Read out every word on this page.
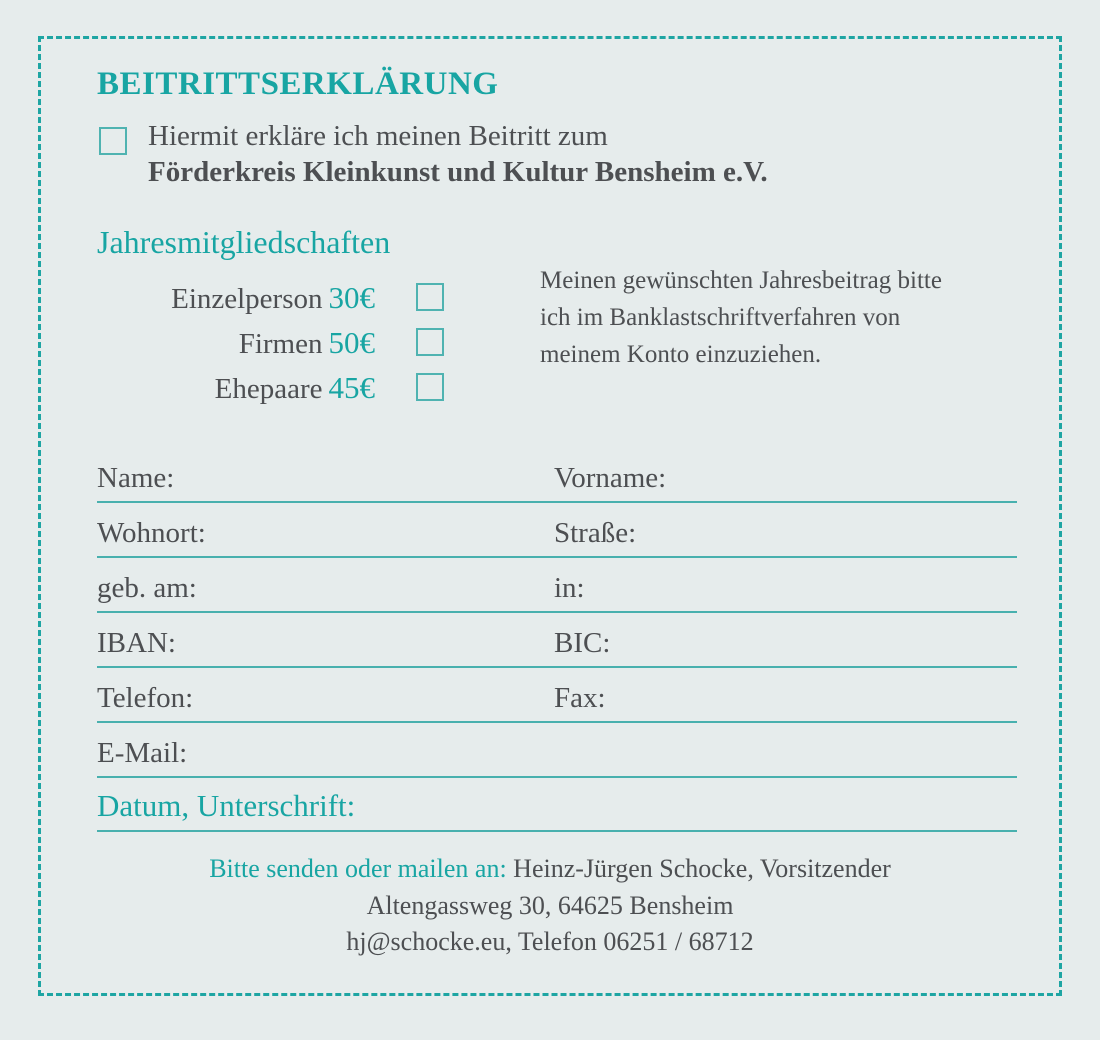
BEITRITTSERKLÄRUNG
Hiermit erkläre ich meinen Beitritt zum
Förderkreis Kleinkunst und Kultur Bensheim e.V.
Jahresmitgliedschaften
Einzelperson 30€
Firmen 50€
Ehepaare 45€
Meinen gewünschten Jahresbeitrag bitte
ich im Banklastschriftverfahren von
meinem Konto einzuziehen.
Name:	Vorname:
Wohnort:	Straße:
geb. am:	in:
IBAN:	BIC:
Telefon:	Fax:
E-Mail:
Datum, Unterschrift:
Bitte senden oder mailen an: Heinz-Jürgen Schocke, Vorsitzender
Altengassweg 30, 64625 Bensheim
hj@schocke.eu, Telefon 06251 / 68712
